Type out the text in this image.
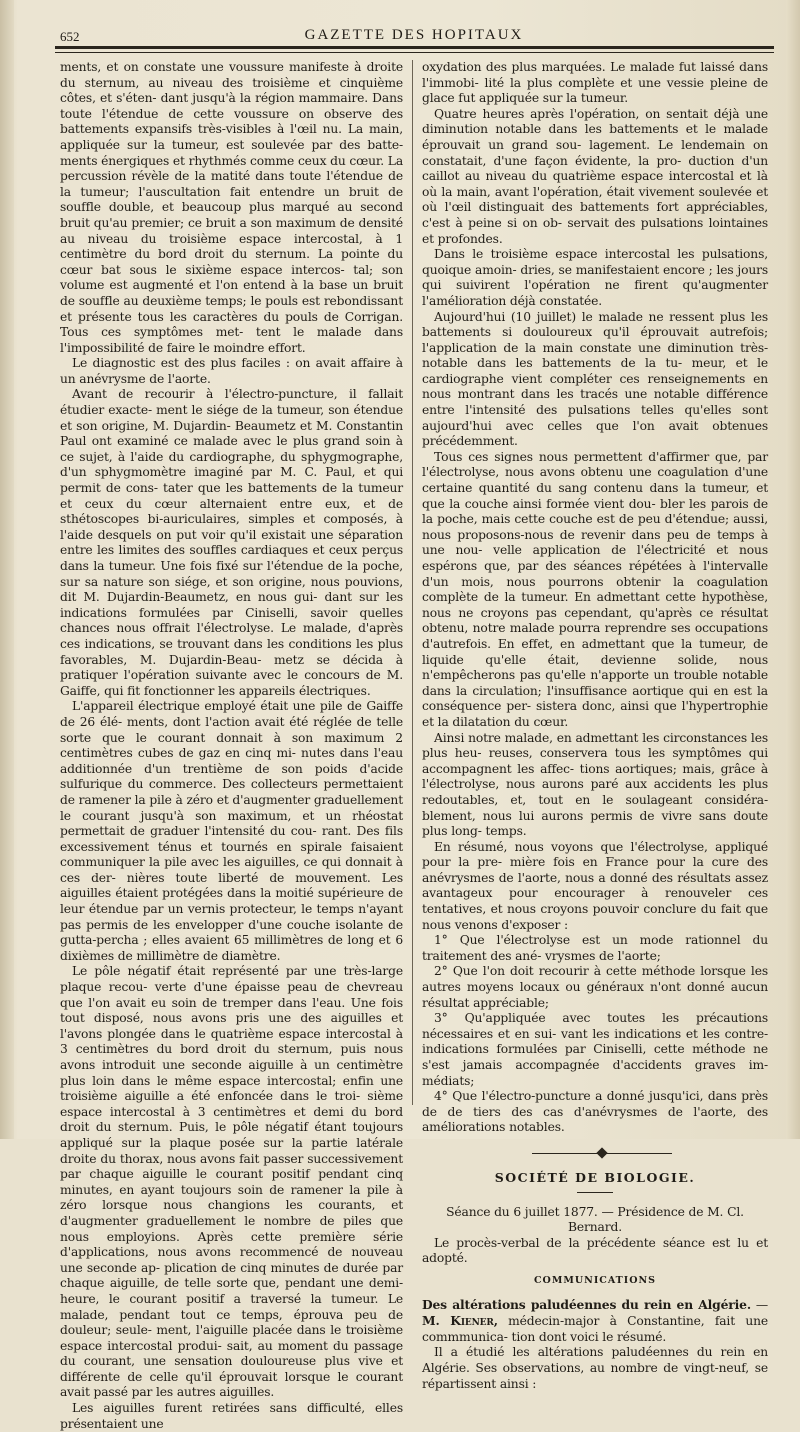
652	GAZETTE DES HOPITAUX

ments, et on constate une voussure manifeste à droite du sternum, au niveau des troisième et cinquième côtes, et s'éten- dant jusqu'à la région mammaire. Dans toute l'étendue de cette voussure on observe des battements expansifs très-visibles à l'œil nu. La main, appliquée sur la tumeur, est soulevée par des batte- ments énergiques et rhythmés comme ceux du cœur. La percussion révèle de la matité dans toute l'étendue de la tumeur; l'auscultation fait entendre un bruit de souffle double, et beaucoup plus marqué au second bruit qu'au premier; ce bruit a son maximum de densité au niveau du troisième espace intercostal, à 1 centimètre du bord droit du sternum. La pointe du cœur bat sous le sixième espace intercos- tal; son volume est augmenté et l'on entend à la base un bruit de souffle au deuxième temps; le pouls est rebondissant et présente tous les caractères du pouls de Corrigan. Tous ces symptômes met- tent le malade dans l'impossibilité de faire le moindre effort.

Le diagnostic est des plus faciles : on avait affaire à un anévrysme de l'aorte.

Avant de recourir à l'électro-puncture, il fallait étudier exacte- ment le siége de la tumeur, son étendue et son origine, M. Dujardin- Beaumetz et M. Constantin Paul ont examiné ce malade avec le plus grand soin à ce sujet, à l'aide du cardiographe, du sphygmographe, d'un sphygmomètre imaginé par M. C. Paul, et qui permit de cons- tater que les battements de la tumeur et ceux du cœur alternaient entre eux, et de sthétoscopes bi-auriculaires, simples et composés, à l'aide desquels on put voir qu'il existait une séparation entre les limites des souffles cardiaques et ceux perçus dans la tumeur. Une fois fixé sur l'étendue de la poche, sur sa nature son siége, et son origine, nous pouvions, dit M. Dujardin-Beaumetz, en nous gui- dant sur les indications formulées par Ciniselli, savoir quelles chances nous offrait l'électrolyse. Le malade, d'après ces indications, se trouvant dans les conditions les plus favorables, M. Dujardin-Beau- metz se décida à pratiquer l'opération suivante avec le concours de M. Gaiffe, qui fit fonctionner les appareils électriques.

L'appareil électrique employé était une pile de Gaiffe de 26 élé- ments, dont l'action avait été réglée de telle sorte que le courant donnait à son maximum 2 centimètres cubes de gaz en cinq mi- nutes dans l'eau additionnée d'un trentième de son poids d'acide sulfurique du commerce. Des collecteurs permettaient de ramener la pile à zéro et d'augmenter graduellement le courant jusqu'à son maximum, et un rhéostat permettait de graduer l'intensité du cou- rant. Des fils excessivement ténus et tournés en spirale faisaient communiquer la pile avec les aiguilles, ce qui donnait à ces der- nières toute liberté de mouvement. Les aiguilles étaient protégées dans la moitié supérieure de leur étendue par un vernis protecteur, le temps n'ayant pas permis de les envelopper d'une couche isolante de gutta-percha ; elles avaient 65 millimètres de long et 6 dixièmes de millimètre de diamètre.

Le pôle négatif était représenté par une très-large plaque recou- verte d'une épaisse peau de chevreau que l'on avait eu soin de tremper dans l'eau. Une fois tout disposé, nous avons pris une des aiguilles et l'avons plongée dans le quatrième espace intercostal à 3 centimètres du bord droit du sternum, puis nous avons introduit une seconde aiguille à un centimètre plus loin dans le même espace intercostal; enfin une troisième aiguille a été enfoncée dans le troi- sième espace intercostal à 3 centimètres et demi du bord droit du sternum. Puis, le pôle négatif étant toujours appliqué sur la plaque posée sur la partie latérale droite du thorax, nous avons fait passer successivement par chaque aiguille le courant positif pendant cinq minutes, en ayant toujours soin de ramener la pile à zéro lorsque nous changions les courants, et d'augmenter graduellement le nombre de piles que nous employions. Après cette première série d'applications, nous avons recommencé de nouveau une seconde ap- plication de cinq minutes de durée par chaque aiguille, de telle sorte que, pendant une demi-heure, le courant positif a traversé la tumeur. Le malade, pendant tout ce temps, éprouva peu de douleur; seule- ment, l'aiguille placée dans le troisième espace intercostal produi- sait, au moment du passage du courant, une sensation douloureuse plus vive et différente de celle qu'il éprouvait lorsque le courant avait passé par les autres aiguilles.

Les aiguilles furent retirées sans difficulté, elles présentaient une

oxydation des plus marquées. Le malade fut laissé dans l'immobi- lité la plus complète et une vessie pleine de glace fut appliquée sur la tumeur.

Quatre heures après l'opération, on sentait déjà une diminution notable dans les battements et le malade éprouvait un grand sou- lagement. Le lendemain on constatait, d'une façon évidente, la pro- duction d'un caillot au niveau du quatrième espace intercostal et là où la main, avant l'opération, était vivement soulevée et où l'œil distinguait des battements fort appréciables, c'est à peine si on ob- servait des pulsations lointaines et profondes.

Dans le troisième espace intercostal les pulsations, quoique amoin- dries, se manifestaient encore ; les jours qui suivirent l'opération ne firent qu'augmenter l'amélioration déjà constatée.

Aujourd'hui (10 juillet) le malade ne ressent plus les battements si douloureux qu'il éprouvait autrefois; l'application de la main constate une diminution très-notable dans les battements de la tu- meur, et le cardiographe vient compléter ces renseignements en nous montrant dans les tracés une notable différence entre l'intensité des pulsations telles qu'elles sont aujourd'hui avec celles que l'on avait obtenues précédemment.

Tous ces signes nous permettent d'affirmer que, par l'électrolyse, nous avons obtenu une coagulation d'une certaine quantité du sang contenu dans la tumeur, et que la couche ainsi formée vient dou- bler les parois de la poche, mais cette couche est de peu d'étendue; aussi, nous proposons-nous de revenir dans peu de temps à une nou- velle application de l'électricité et nous espérons que, par des séances répétées à l'intervalle d'un mois, nous pourrons obtenir la coagulation complète de la tumeur. En admettant cette hypothèse, nous ne croyons pas cependant, qu'après ce résultat obtenu, notre malade pourra reprendre ses occupations d'autrefois. En effet, en admettant que la tumeur, de liquide qu'elle était, devienne solide, nous n'empêcherons pas qu'elle n'apporte un trouble notable dans la circulation; l'insuffisance aortique qui en est la conséquence per- sistera donc, ainsi que l'hypertrophie et la dilatation du cœur.

Ainsi notre malade, en admettant les circonstances les plus heu- reuses, conservera tous les symptômes qui accompagnent les affec- tions aortiques; mais, grâce à l'électrolyse, nous aurons paré aux accidents les plus redoutables, et, tout en le soulageant considéra- blement, nous lui aurons permis de vivre sans doute plus long- temps.

En résumé, nous voyons que l'électrolyse, appliqué pour la pre- mière fois en France pour la cure des anévrysmes de l'aorte, nous a donné des résultats assez avantageux pour encourager à renouveler ces tentatives, et nous croyons pouvoir conclure du fait que nous venons d'exposer :

1° Que l'électrolyse est un mode rationnel du traitement des ané- vrysmes de l'aorte;

2° Que l'on doit recourir à cette méthode lorsque les autres moyens locaux ou généraux n'ont donné aucun résultat appréciable;

3° Qu'appliquée avec toutes les précautions nécessaires et en sui- vant les indications et les contre-indications formulées par Ciniselli, cette méthode ne s'est jamais accompagnée d'accidents graves im- médiats;

4° Que l'électro-puncture a donné jusqu'ici, dans près de de tiers des cas d'anévrysmes de l'aorte, des améliorations notables.

SOCIÉTÉ DE BIOLOGIE.

Séance du 6 juillet 1877. — Présidence de M. Cl. Bernard.

Le procès-verbal de la précédente séance est lu et adopté.

COMMUNICATIONS

Des altérations paludéennes du rein en Algérie. — M. Kiener, médecin-major à Constantine, fait une commmunica- tion dont voici le résumé.

Il a étudié les altérations paludéennes du rein en Algérie. Ses observations, au nombre de vingt-neuf, se répartissent ainsi :
